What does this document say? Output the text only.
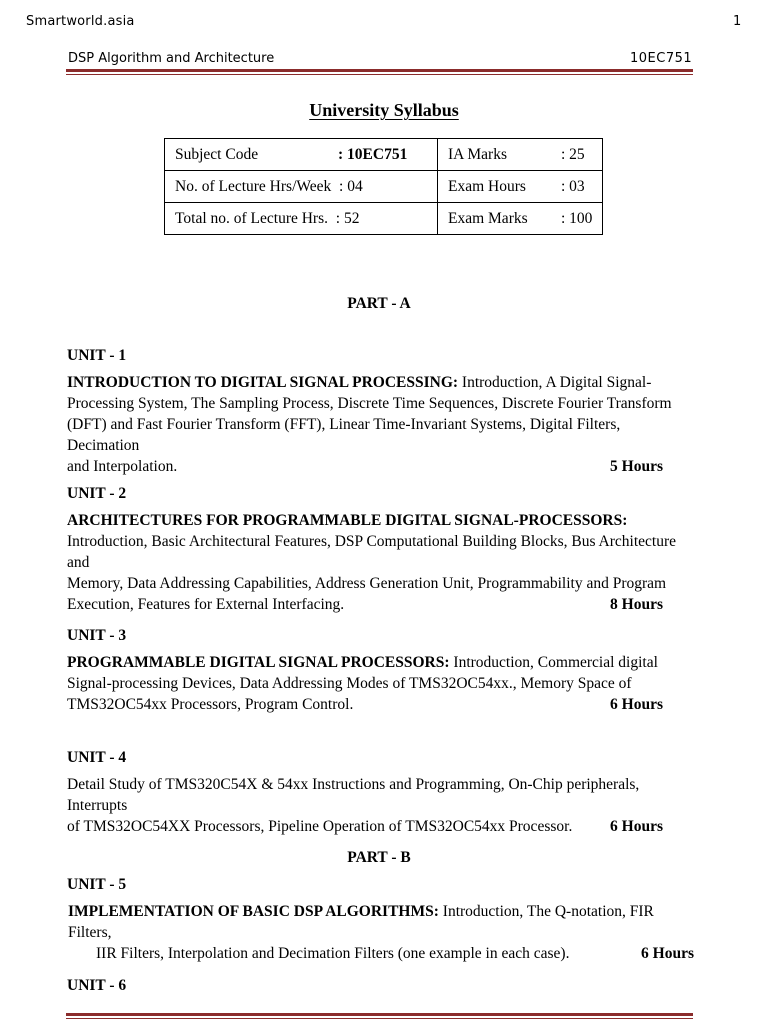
Smartworld.asia	1
DSP Algorithm and Architecture	10EC751
University Syllabus
Subject Code : 10EC751	IA Marks : 25
No. of Lecture Hrs/Week : 04	Exam Hours : 03
Total no. of Lecture Hrs. : 52	Exam Marks : 100
PART - A
UNIT - 1
INTRODUCTION TO DIGITAL SIGNAL PROCESSING: Introduction, A Digital Signal-
Processing System, The Sampling Process, Discrete Time Sequences, Discrete Fourier Transform
(DFT) and Fast Fourier Transform (FFT), Linear Time-Invariant Systems, Digital Filters, Decimation
and Interpolation.	5 Hours
UNIT - 2
ARCHITECTURES FOR PROGRAMMABLE DIGITAL SIGNAL-PROCESSORS:
Introduction, Basic Architectural Features, DSP Computational Building Blocks, Bus Architecture and
Memory, Data Addressing Capabilities, Address Generation Unit, Programmability and Program
Execution, Features for External Interfacing.	8 Hours
UNIT - 3
PROGRAMMABLE DIGITAL SIGNAL PROCESSORS: Introduction, Commercial digital
Signal-processing Devices, Data Addressing Modes of TMS32OC54xx., Memory Space of
TMS32OC54xx Processors, Program Control.	6 Hours
UNIT - 4
Detail Study of TMS320C54X & 54xx Instructions and Programming, On-Chip peripherals, Interrupts
of TMS32OC54XX Processors, Pipeline Operation of TMS32OC54xx Processor. 6 Hours
PART - B
UNIT - 5
IMPLEMENTATION OF BASIC DSP ALGORITHMS: Introduction, The Q-notation, FIR Filters,
IIR Filters, Interpolation and Decimation Filters (one example in each case).	6 Hours
UNIT - 6
